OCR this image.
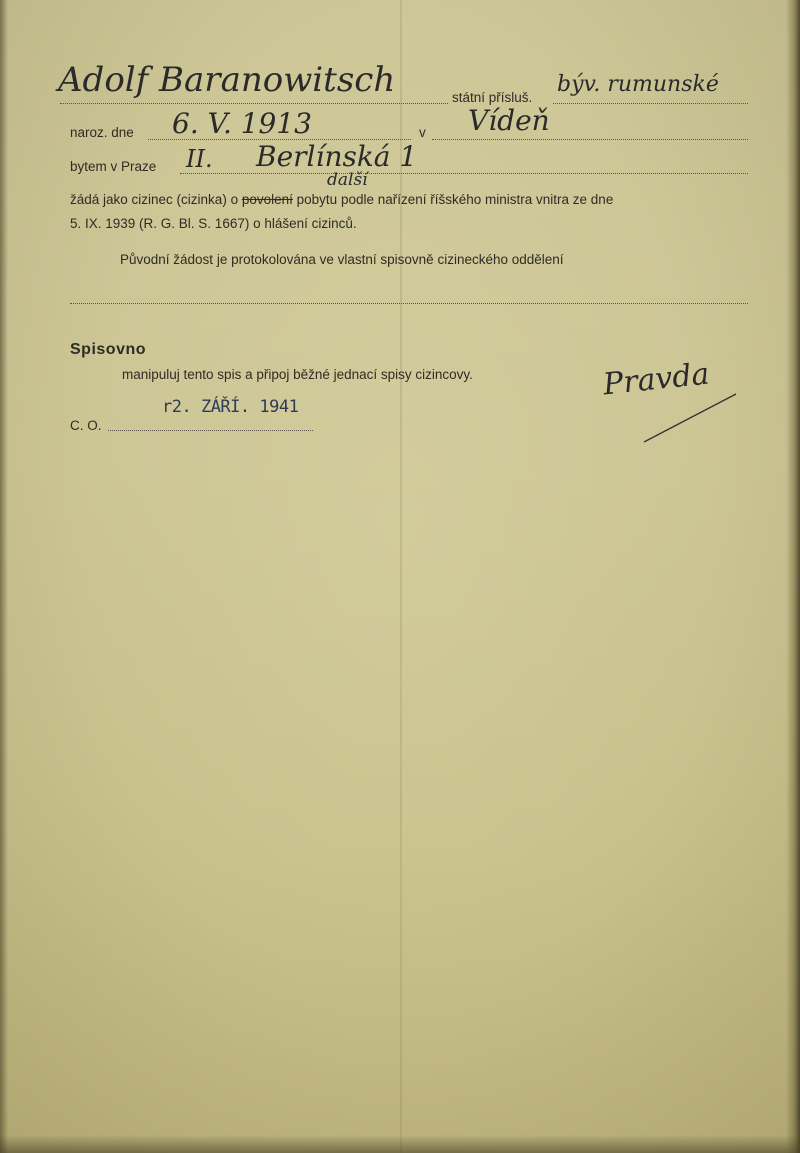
Adolf Baranowitsch	státní přísluš.
býv. rumunské
naroz. dne 6. V. 1913	v Vídeň
bytem v Praze II. Berlínská 1
další
žádá jako cizinec (cizinka) o povolení pobytu podle nařízení říšského ministra vnitra ze dne
5. IX. 1939 (R. G. Bl. S. 1667) o hlášení cizinců.
Původní žádost je protokolována ve vlastní spisovně cizineckého oddělení
Spisovno
manipuluj tento spis a připoj běžné jednací spisy cizincovy.	Pravda
C. O.
r2. ZÁŘÍ. 1941
